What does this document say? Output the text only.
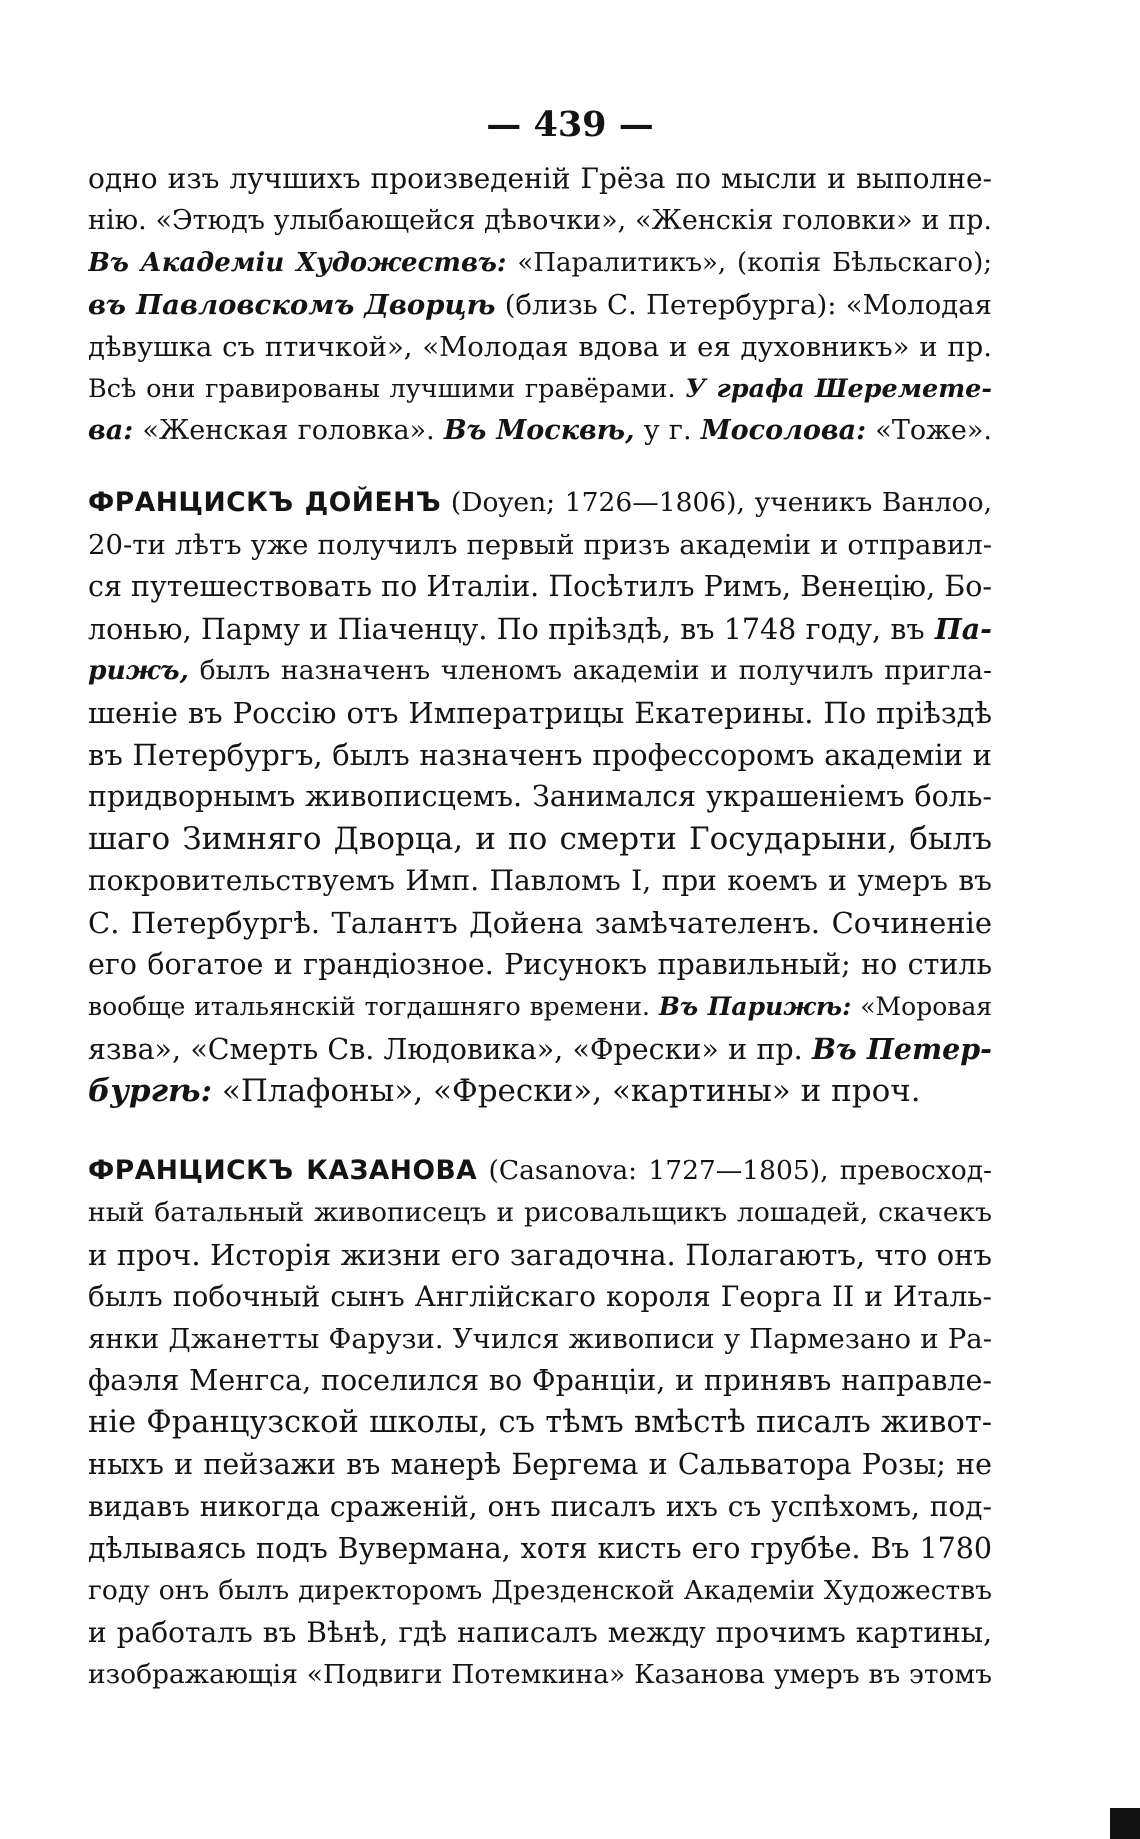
— 439 —
одно изъ лучшихъ произведеній Грёза по мысли и выполне-
нію. «Этюдъ улыбающейся дѣвочки», «Женскія головки» и пр.
Въ Академіи Художествъ: «Паралитикъ», (копія Бѣльскаго);
въ Павловскомъ Дворцѣ (близь С. Петербурга): «Молодая
дѣвушка съ птичкой», «Молодая вдова и ея духовникъ» и пр.
Всѣ они гравированы лучшими гравёрами. У графа Шереметe-
ва: «Женская головка». Въ Москвѣ, у г. Мосолова: «Тоже».
ФРАНЦИСКЪ ДОЙЕНЪ (Doyen; 1726—1806), ученикъ Ванлоо,
20-ти лѣтъ уже получилъ первый призъ академіи и отправил-
ся путешествовать по Италіи. Посѣтилъ Римъ, Венецію, Бо-
лонью, Парму и Піаченцу. По пріѣздѣ, въ 1748 году, въ Па-
рижъ, былъ назначенъ членомъ академіи и получилъ пригла-
шеніе въ Россію отъ Императрицы Екатерины. По пріѣздѣ
въ Петербургъ, былъ назначенъ профессоромъ академіи и
придворнымъ живописцемъ. Занимался украшеніемъ боль-
шаго Зимняго Дворца, и по смерти Государыни, былъ
покровительствуемъ Имп. Павломъ I, при коемъ и умеръ въ
С. Петербургѣ. Талантъ Дойена замѣчателенъ. Сочиненіе
его богатое и грандіозное. Рисунокъ правильный; но стиль
вообще итальянскій тогдашняго времени. Въ Парижѣ: «Моровая
язва», «Смерть Св. Людовика», «Фрески» и пр. Въ Петер-
бургѣ: «Плафоны», «Фрески», «картины» и проч.
ФРАНЦИСКЪ КАЗАНОВА (Casanova: 1727—1805), превосход-
ный батальный живописецъ и рисовальщикъ лошадей, скачекъ
и проч. Исторія жизни его загадочна. Полагаютъ, что онъ
былъ побочный сынъ Англійскаго короля Георга II и Италь-
янки Джанетты Фарузи. Учился живописи у Пармезано и Ра-
фаэля Менгса, поселился во Франціи, и принявъ направле-
ніе Французской школы, съ тѣмъ вмѣстѣ писалъ живот-
ныхъ и пейзажи въ манерѣ Бергема и Сальватора Розы; не
видавъ никогда сраженій, онъ писалъ ихъ съ успѣхомъ, под-
дѣлываясь подъ Вувермана, хотя кисть его грубѣе. Въ 1780
году онъ былъ директоромъ Дрезденской Академіи Художествъ
и работалъ въ Вѣнѣ, гдѣ написалъ между прочимъ картины,
изображающія «Подвиги Потемкина» Казанова умеръ въ этомъ
